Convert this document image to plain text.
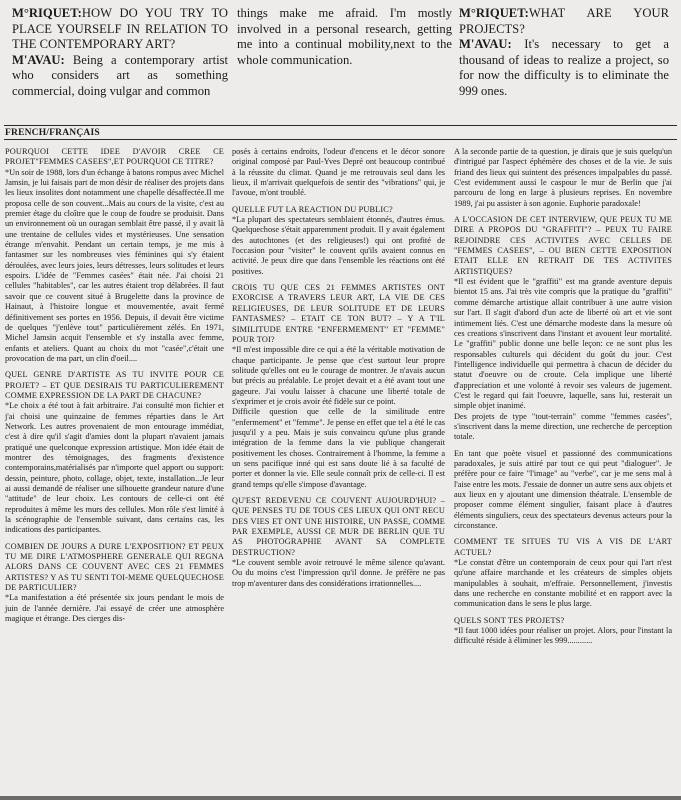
M°RIQUET:HOW DO YOU TRY TO PLACE YOURSELF IN RELATION TO THE CONTEMPORARY ART?

M'AVAU: Being a contemporary artist who considers art as something commercial, doing vulgar and common

things make me afraid. I'm mostly involved in a personal research, getting me into a continual mobility,next to the whole communication.

M°RIQUET:WHAT ARE YOUR PROJECTS?

M'AVAU: It's necessary to get a thousand of ideas to realize a project, so for now the difficulty is to eliminate the 999 ones.

FRENCH/FRANÇAIS

POURQUOI CETTE IDEE D'AVOIR CREE CE PROJET"FEMMES CASEES",ET POURQUOI CE TITRE?

*Un soir de 1988, lors d'un échange à batons rompus avec Michel Jamsin, je lui faisais part de mon désir de réaliser des projets dans les lieux insolites dont notamment une chapelle désaffectée.Il me proposa celle de son couvent...Mais au cours de la visite, c'est au premier étage du cloître que le coup de foudre se produisit. Dans un environnement où un ouragan semblait être passé, il y avait là une trentaine de cellules vides et mystérieuses. Une sensation étrange m'envahit. Pendant un certain temps, je me mis à fantasmer sur les nombreuses vies féminines qui s'y étaient déroulées, avec leurs joies, leurs détresses, leurs solitudes et leurs espoirs. L'idée de "Femmes casées" était née. J'ai choisi 21 cellules "habitables", car les autres étaient trop délabrées. Il faut savoir que ce couvent situé à Brugelette dans la province de Hainaut, à l'histoire longue et mouvementée, avait fermé définitivement ses portes en 1956. Depuis, il devait être victime de quelques "j'enlève tout" particulièrement zélés. En 1971, Michel Jamsin acquit l'ensemble et s'y installa avec femme, enfants et ateliers. Quant au choix du mot "casée",c'était une provocation de ma part, un clin d'oeil....

QUEL GENRE D'ARTISTE AS TU INVITE POUR CE PROJET? – ET QUE DESIRAIS TU PARTICULIEREMENT COMME EXPRESSION DE LA PART DE CHACUNE?

*Le choix a été tout à fait arbitraire. J'ai consulté mon fichier et j'ai choisi une quinzaine de femmes réparties dans le Art Network. Les autres provenaient de mon entourage immédiat, c'est à dire qu'il s'agit d'amies dont la plupart n'avaient jamais pratiqué une quelconque expression artistique. Mon idée était de montrer des témoignages, des fragments d'existence contemporains,matérialisés par n'importe quel apport ou support: dessin, peinture, photo, collage, objet, texte, installation...Je leur ai aussi demandé de réaliser une silhouette grandeur nature d'une "attitude" de leur choix. Les contours de celle-ci ont été reproduites à même les murs des cellules. Mon rôle s'est limité à la scénographie de l'ensemble suivant, dans certains cas, les indications des participantes.

COMBIEN DE JOURS A DURE L'EXPOSITION? ET PEUX TU ME DIRE L'ATMOSPHERE GENERALE QUI REGNA ALORS DANS CE COUVENT AVEC CES 21 FEMMES ARTISTES? Y AS TU SENTI TOI-MEME QUELQUECHOSE DE PARTICULIER?

*La manifestation a été présentée six jours pendant le mois de juin de l'année dernière. J'ai essayé de créer une atmosphère magique et étrange. Des cierges dis-

posés à certains endroits, l'odeur d'encens et le décor sonore original composé par Paul-Yves Depré ont beaucoup contribué à la réussite du climat. Quand je me retrouvais seul dans les lieux, il m'arrivait quelquefois de sentir des "vibrations" qui, je l'avoue, m'ont troublé.

QUELLE FUT LA REACTION DU PUBLIC?

*La plupart des spectateurs semblaient étonnés, d'autres émus. Quelquechose s'était apparemment produit. Il y avait également des autochtones (et des religieuses!) qui ont profité de l'occasion pour "visiter" le couvent qu'ils avaient connus en activité. Je peux dire que dans l'ensemble les réactions ont été positives.

CROIS TU QUE CES 21 FEMMES ARTISTES ONT EXORCISE A TRAVERS LEUR ART, LA VIE DE CES RELIGIEUSES, DE LEUR SOLITUDE ET DE LEURS FANTASMES? – ETAIT CE TON BUT? – Y A T'IL SIMILITUDE ENTRE "ENFERMEMENT" ET "FEMME" POUR TOI?

*Il m'est impossible dire ce qui a été la véritable motivation de chaque participante. Je pense que c'est surtout leur propre solitude qu'elles ont eu le courage de montrer. Je n'avais aucun but précis au préalable. Le projet devait et a été avant tout une gageure. J'ai voulu laisser à chacune une liberté totale de s'exprimer et je crois avoir été fidèle sur ce point.

Difficile question que celle de la similitude entre "enfermement" et "femme". Je pense en effet que tel a été le cas jusqu'il y a peu. Mais je suis convaincu qu'une plus grande intégration de la femme dans la vie publique changerait positivement les choses. Contrairement à l'homme, la femme a un sens pacifique inné qui est sans doute lié à sa faculté de porter et donner la vie. Elle seule connaît prix de celle-ci. Il est grand temps qu'elle s'impose d'avantage.

QU'EST REDEVENU CE COUVENT AUJOURD'HUI? – QUE PENSES TU DE TOUS CES LIEUX QUI ONT RECU DES VIES ET ONT UNE HISTOIRE, UN PASSE, COMME PAR EXEMPLE, AUSSI CE MUR DE BERLIN QUE TU AS PHOTOGRAPHIE AVANT SA COMPLETE DESTRUCTION?

*Le couvent semble avoir retrouvé le même silence qu'avant. Ou du moins c'est l'impression qu'il donne. Je préfère ne pas trop m'aventurer dans des considérations irrationnelles....

A la seconde partie de ta question, je dirais que je suis quelqu'un d'intrigué par l'aspect éphémère des choses et de la vie. Je suis friand des lieux qui suintent des présences impalpables du passé. C'est evidemment aussi le caspour le mur de Berlin que j'ai parcouru de long en large à plusieurs reprises. En novembre 1989, j'ai pu assister à son agonie. Euphorie paradoxale!

A L'OCCASION DE CET INTERVIEW, QUE PEUX TU ME DIRE A PROPOS DU "GRAFFITI"? – PEUX TU FAIRE REJOINDRE CES ACTIVITES AVEC CELLES DE "FEMMES CASEES", – OU BIEN CETTE EXPOSITION ETAIT ELLE EN RETRAIT DE TES ACTIVITES ARTISTIQUES?

*Il est évident que le "graffiti" est ma grande aventure depuis bientot 15 ans. J'ai très vite compris que la pratique du "graffiti" comme démarche artistique allait contribuer à une autre vision sur l'art. Il s'agit d'abord d'un acte de liberté où art et vie sont intimement liés. C'est une démarche modeste dans la mesure où ces creations s'inscrivent dans l'instant et avouent leur mortalité. Le "graffiti" public donne une belle leçon: ce ne sont plus les responsables culturels qui décident du goût du jour. C'est l'intelligence individuelle qui permettra à chacun de décider du statut d'oeuvre ou de croute. Cela implique une liberté d'appreciation et une volonté à revoir ses valeurs de jugement. C'est le regard qui fait l'oeuvre, laquelle, sans lui, resterait un simple objet inanimé.

Des projets de type "tout-terrain" comme "femmes casées", s'inscrivent dans la meme direction, une recherche de perception totale.

En tant que poète visuel et passionné des communications paradoxales, je suis attiré par tout ce qui peut "dialoguer". Je préfère pour ce faire "l'image" au "verbe", car je me sens mal à l'aise entre les mots. J'essaie de donner un autre sens aux objets et aux lieux en y ajoutant une dimension théatrale. L'ensemble de proposer comme élément singulier, faisant place à d'autres éléments singuliers, ceux des spectateurs devenus acteurs pour la circonstance.

COMMENT TE SITUES TU VIS A VIS DE L'ART ACTUEL?

*Le constat d'être un contemporain de ceux pour qui l'art n'est qu'une affaire marchande et les créateurs de simples objets manipulables à souhait, m'effraie. Personnellement, j'investis dans une recherche en constante mobilité et en rapport avec la communication dans le sens le plus large.

QUELS SONT TES PROJETS?

*Il faut 1000 idées pour réaliser un projet. Alors, pour l'instant la difficulté réside à éliminer les 999............
